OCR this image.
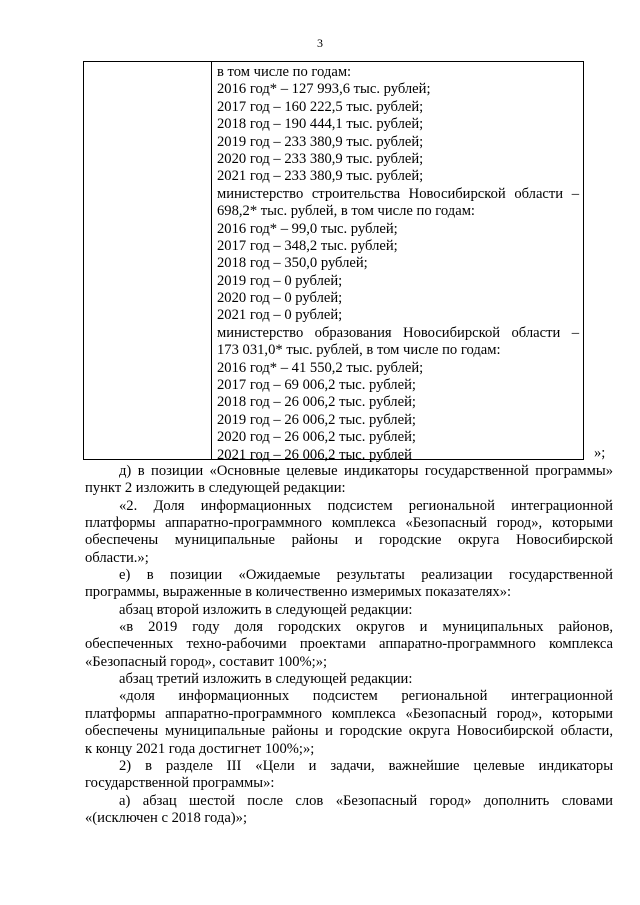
3
в том числе по годам:
2016 год* – 127 993,6 тыс. рублей;
2017 год – 160 222,5 тыс. рублей;
2018 год – 190 444,1 тыс. рублей;
2019 год – 233 380,9 тыс. рублей;
2020 год – 233 380,9 тыс. рублей;
2021 год – 233 380,9 тыс. рублей;
министерство строительства Новосибирской области –
698,2* тыс. рублей, в том числе по годам:
2016 год* – 99,0 тыс. рублей;
2017 год – 348,2 тыс. рублей;
2018 год – 350,0 рублей;
2019 год – 0 рублей;
2020 год – 0 рублей;
2021 год – 0 рублей;
министерство образования Новосибирской области –
173 031,0* тыс. рублей, в том числе по годам:
2016 год* – 41 550,2 тыс. рублей;
2017 год – 69 006,2 тыс. рублей;
2018 год – 26 006,2 тыс. рублей;
2019 год – 26 006,2 тыс. рублей;
2020 год – 26 006,2 тыс. рублей;
2021 год – 26 006,2 тыс. рублей	»;
д) в позиции «Основные целевые индикаторы государственной программы»
пункт 2 изложить в следующей редакции:
«2. Доля информационных подсистем региональной интеграционной
платформы аппаратно-программного комплекса «Безопасный город», которыми
обеспечены муниципальные районы и городские округа Новосибирской
области.»;
е) в позиции «Ожидаемые результаты реализации государственной
программы, выраженные в количественно измеримых показателях»:
абзац второй изложить в следующей редакции:
«в 2019 году доля городских округов и муниципальных районов,
обеспеченных техно-рабочими проектами аппаратно-программного комплекса
«Безопасный город», составит 100%;»;
абзац третий изложить в следующей редакции:
«доля информационных подсистем региональной интеграционной
платформы аппаратно-программного комплекса «Безопасный город», которыми
обеспечены муниципальные районы и городские округа Новосибирской области,
к концу 2021 года достигнет 100%;»;
2) в разделе III «Цели и задачи, важнейшие целевые индикаторы
государственной программы»:
а) абзац шестой после слов «Безопасный город» дополнить словами
«(исключен с 2018 года)»;
